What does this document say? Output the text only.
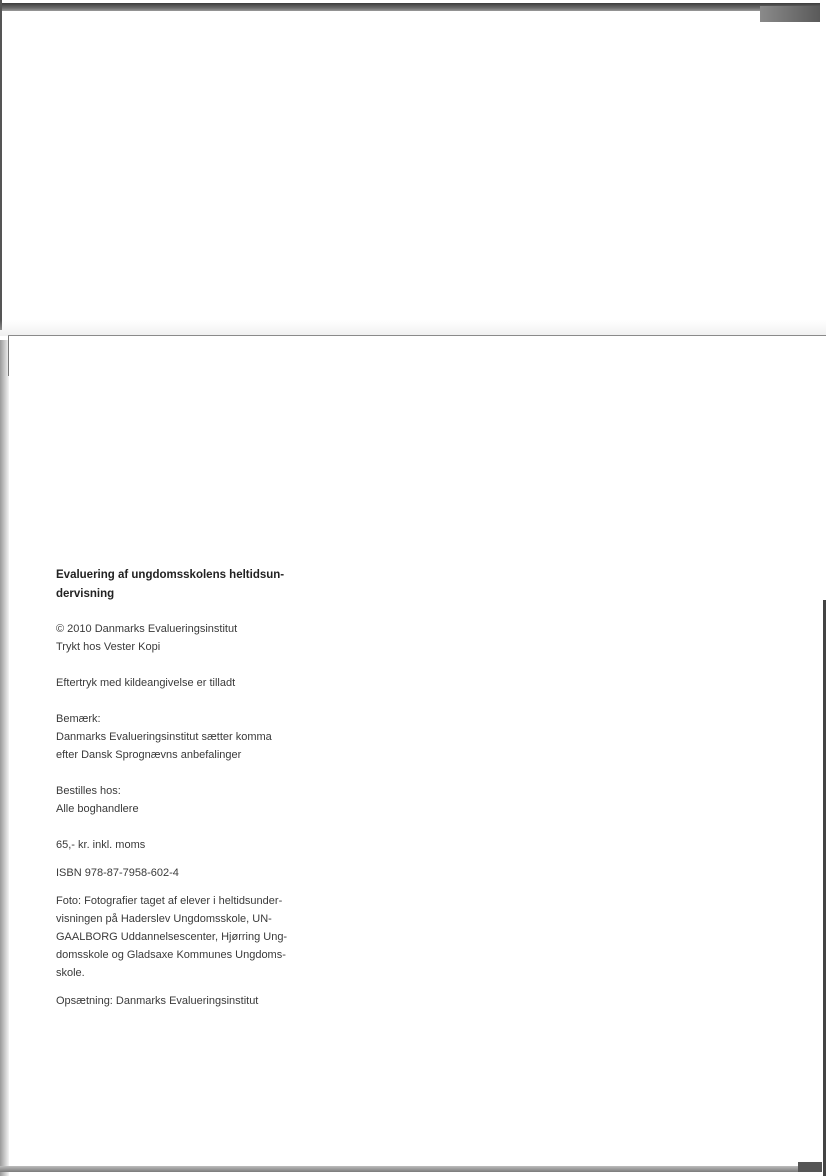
Evaluering af ungdomsskolens heltidsun-
dervisning
© 2010 Danmarks Evalueringsinstitut
Trykt hos Vester Kopi
Eftertryk med kildeangivelse er tilladt
Bemærk:
Danmarks Evalueringsinstitut sætter komma
efter Dansk Sprognævns anbefalinger
Bestilles hos:
Alle boghandlere
65,- kr. inkl. moms
ISBN 978-87-7958-602-4
Foto: Fotografier taget af elever i heltidsunder-
visningen på Haderslev Ungdomsskole, UN-
GAALBORG Uddannelsescenter, Hjørring Ung-
domsskole og Gladsaxe Kommunes Ungdoms-
skole.
Opsætning: Danmarks Evalueringsinstitut
